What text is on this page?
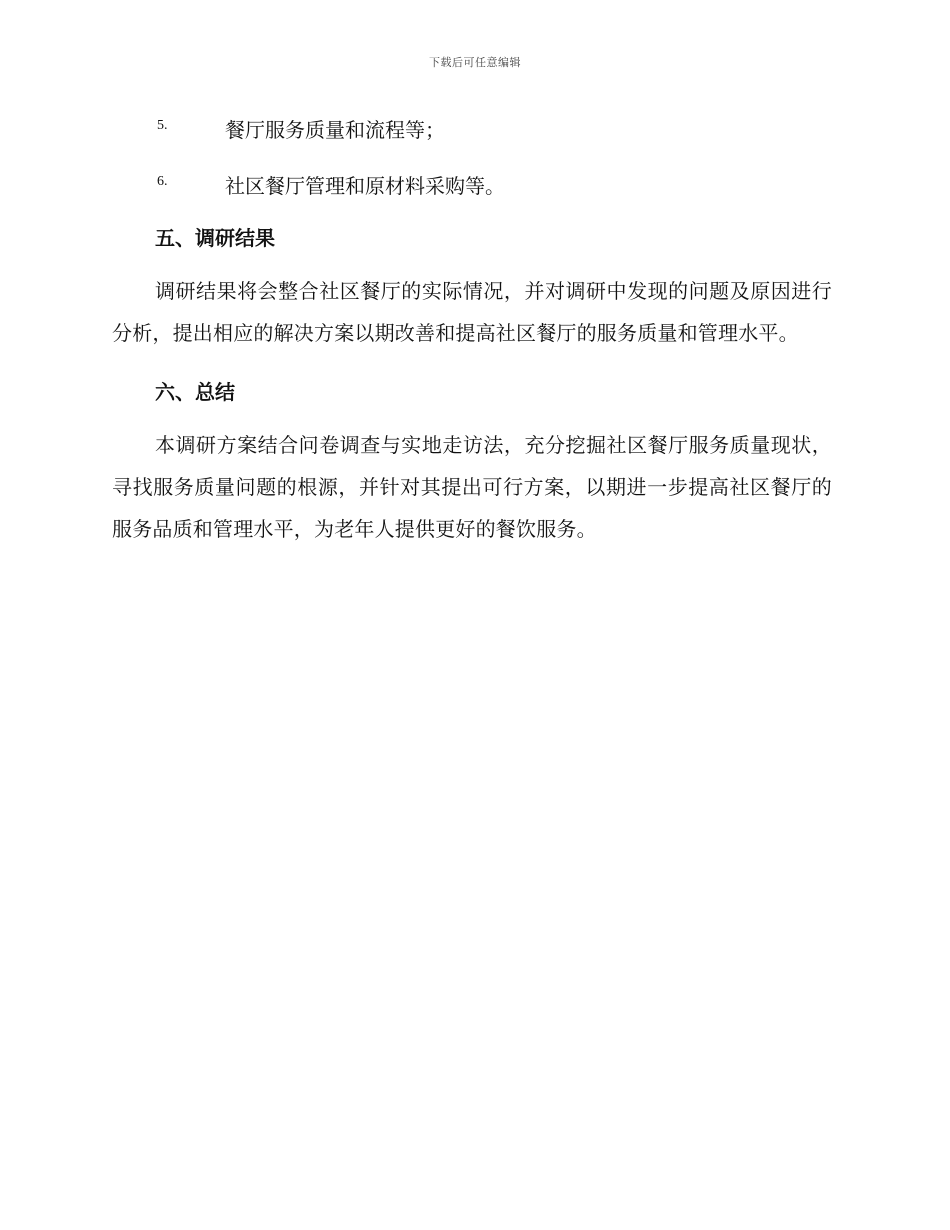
下载后可任意编辑
5.	餐厅服务质量和流程等；
6.	社区餐厅管理和原材料采购等。
五、调研结果

调研结果将会整合社区餐厅的实际情况，并对调研中发现的问题及原因进行分析，提出相应的解决方案以期改善和提高社区餐厅的服务质量和管理水平。

六、总结

本调研方案结合问卷调查与实地走访法，充分挖掘社区餐厅服务质量现状，寻找服务质量问题的根源，并针对其提出可行方案，以期进一步提高社区餐厅的服务品质和管理水平，为老年人提供更好的餐饮服务。
